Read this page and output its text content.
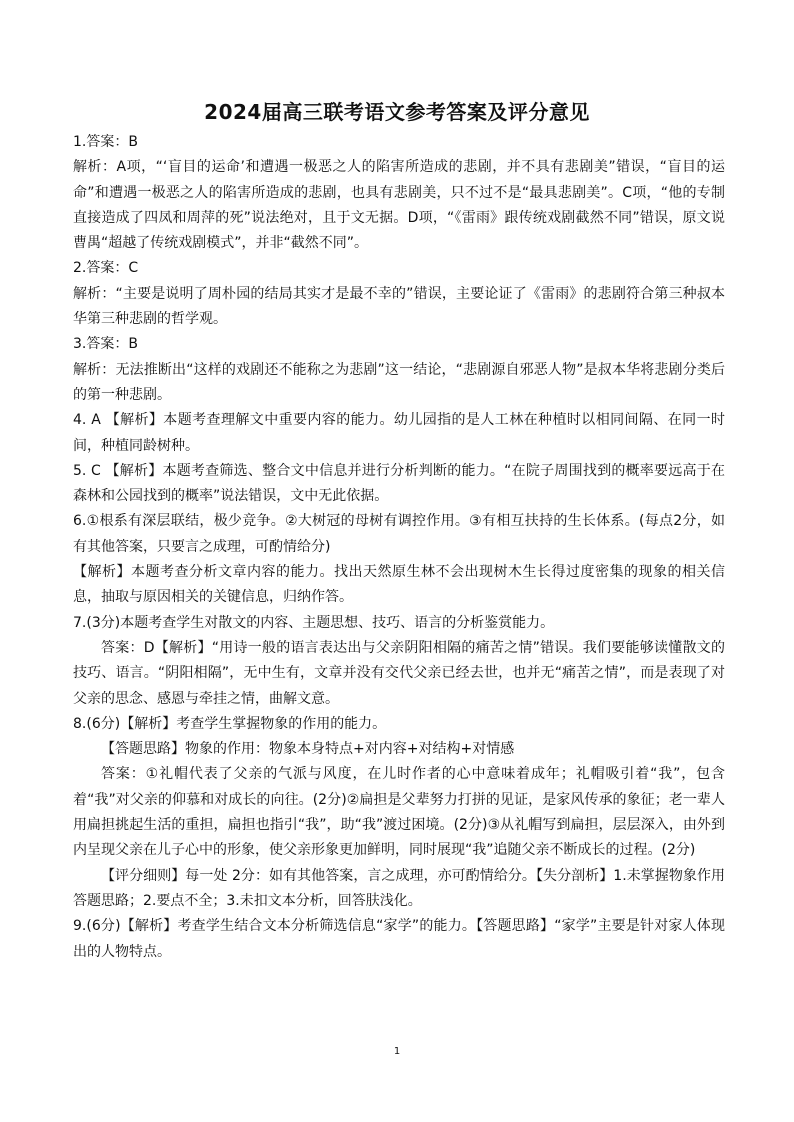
2024届高三联考语文参考答案及评分意见

1.答案：B

解析：A项，“‘盲目的运命’和遭遇一极恶之人的陷害所造成的悲剧，并不具有悲剧美”错误，“盲目的运命”和遭遇一极恶之人的陷害所造成的悲剧，也具有悲剧美，只不过不是“最具悲剧美”。C项，“他的专制直接造成了四凤和周萍的死”说法绝对，且于文无据。D项，“《雷雨》跟传统戏剧截然不同”错误，原文说曹禺“超越了传统戏剧模式”，并非“截然不同”。

2.答案：C

解析：“主要是说明了周朴园的结局其实才是最不幸的”错误，主要论证了《雷雨》的悲剧符合第三种叔本华第三种悲剧的哲学观。

3.答案：B

解析：无法推断出“这样的戏剧还不能称之为悲剧”这一结论，“悲剧源自邪恶人物”是叔本华将悲剧分类后的第一种悲剧。

4. A 【解析】本题考查理解文中重要内容的能力。幼儿园指的是人工林在种植时以相同间隔、在同一时间，种植同龄树种。

5. C 【解析】本题考查筛选、整合文中信息并进行分析判断的能力。“在院子周围找到的概率要远高于在森林和公园找到的概率”说法错误，文中无此依据。

6.①根系有深层联结，极少竞争。②大树冠的母树有调控作用。③有相互扶持的生长体系。(每点2分，如有其他答案，只要言之成理，可酌情给分)

【解析】本题考查分析文章内容的能力。找出天然原生林不会出现树木生长得过度密集的现象的相关信息，抽取与原因相关的关键信息，归纳作答。

7.(3分)本题考查学生对散文的内容、主题思想、技巧、语言的分析鉴赏能力。

答案：D【解析】“用诗一般的语言表达出与父亲阴阳相隔的痛苦之情”错误。我们要能够读懂散文的技巧、语言。“阴阳相隔”，无中生有，文章并没有交代父亲已经去世，也并无“痛苦之情”，而是表现了对父亲的思念、感恩与牵挂之情，曲解文意。

8.(6分)【解析】考查学生掌握物象的作用的能力。

【答题思路】物象的作用：物象本身特点+对内容+对结构+对情感

答案：①礼帽代表了父亲的气派与风度，在儿时作者的心中意味着成年；礼帽吸引着“我”，包含着“我”对父亲的仰慕和对成长的向往。(2分)②扁担是父辈努力打拼的见证，是家风传承的象征；老一辈人用扁担挑起生活的重担，扁担也指引“我”，助“我”渡过困境。(2分)③从礼帽写到扁担，层层深入，由外到内呈现父亲在儿子心中的形象，使父亲形象更加鲜明，同时展现“我”追随父亲不断成长的过程。(2分)

【评分细则】每一处 2分：如有其他答案，言之成理，亦可酌情给分。【失分剖析】1.未掌握物象作用答题思路；2.要点不全；3.未扣文本分析，回答肤浅化。

9.(6分)【解析】考查学生结合文本分析筛选信息“家学”的能力。【答题思路】“家学”主要是针对家人体现出的人物特点。

1
